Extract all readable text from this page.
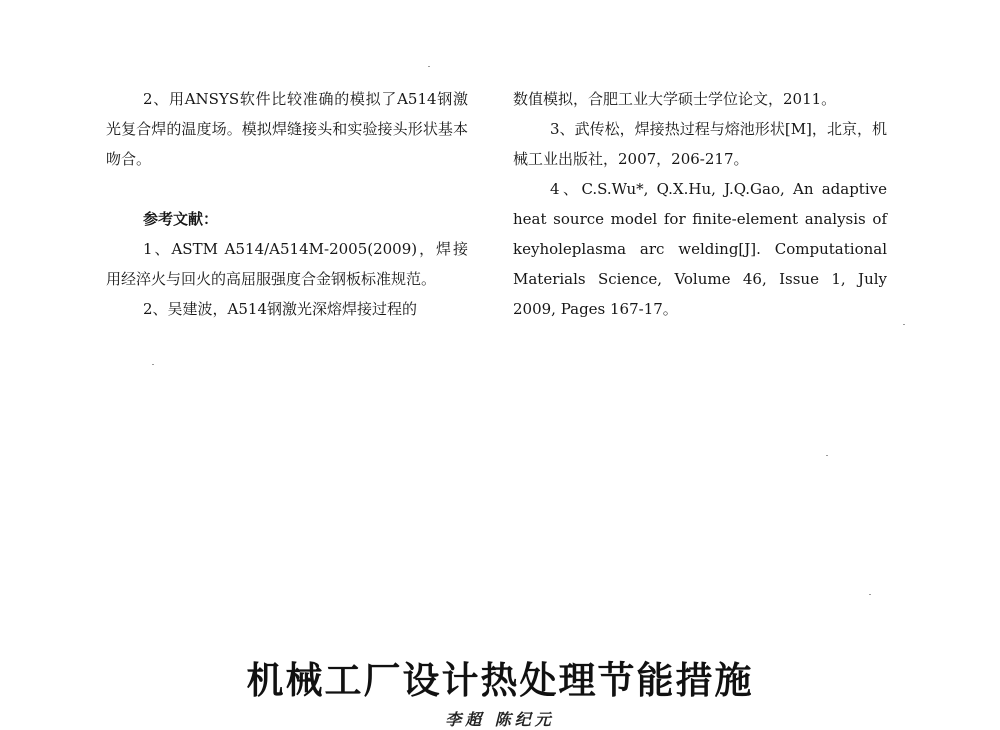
2、用ANSYS软件比较准确的模拟了A514钢激光复合焊的温度场。模拟焊缝接头和实验接头形状基本吻合。

参考文献：

1、ASTM A514/A514M-2005(2009)，焊接用经淬火与回火的高屈服强度合金钢板标准规范。

2、吴建波，A514钢激光深熔焊接过程的

数值模拟，合肥工业大学硕士学位论文，2011。

3、武传松，焊接热过程与熔池形状[M]，北京，机械工业出版社，2007，206-217。

4、C.S.Wu*, Q.X.Hu, J.Q.Gao, An adaptive heat source model for finite-element analysis of keyholeplasma arc welding[J]. Computational Materials Science, Volume 46, Issue 1, July 2009, Pages 167-17。

机械工厂设计热处理节能措施
李超 陈纪元
